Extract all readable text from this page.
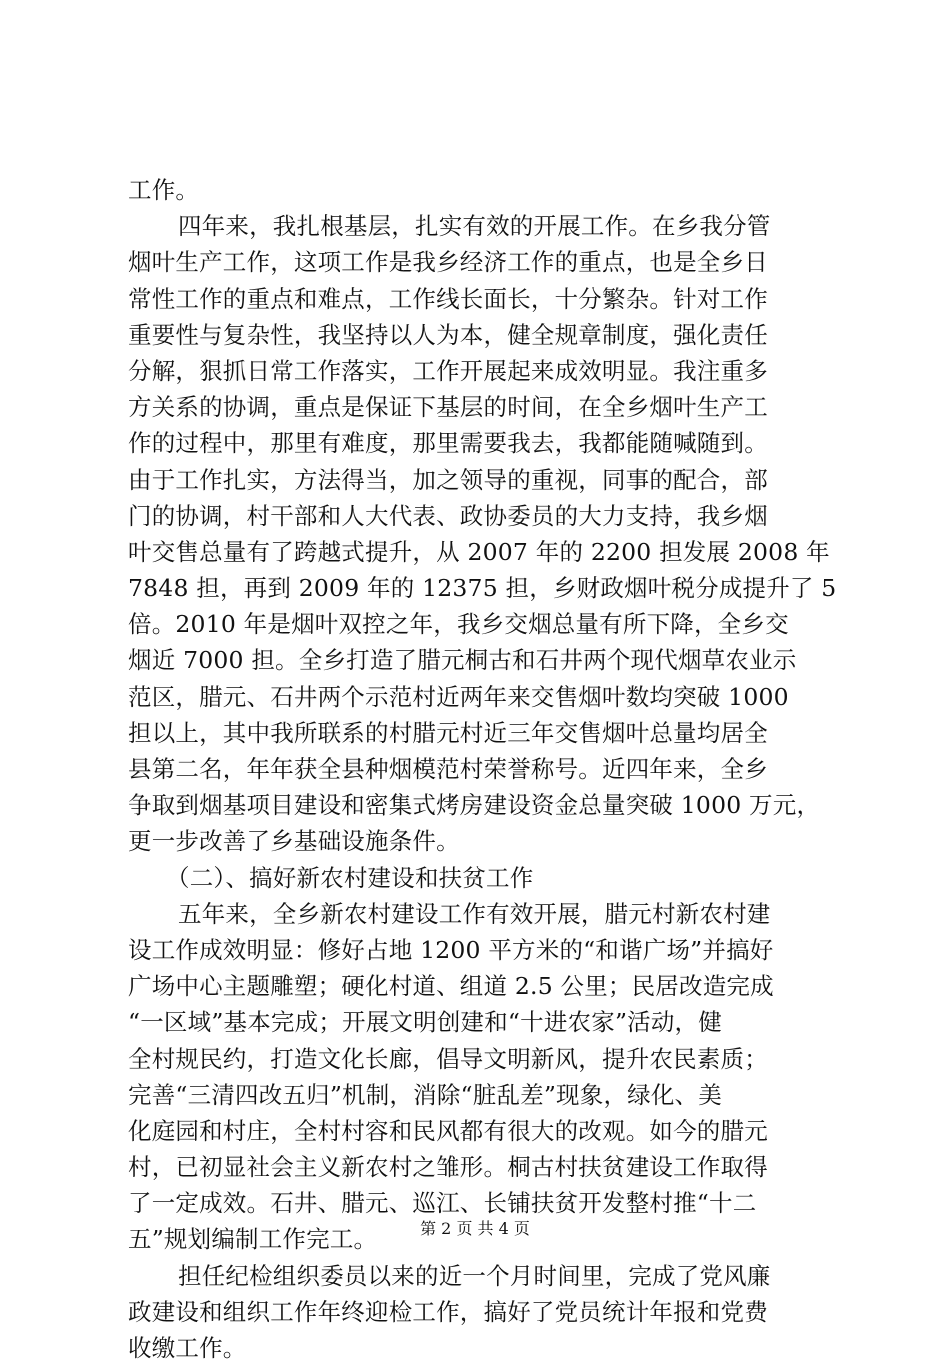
工作。
四年来，我扎根基层，扎实有效的开展工作。在乡我分管
烟叶生产工作，这项工作是我乡经济工作的重点，也是全乡日
常性工作的重点和难点，工作线长面长，十分繁杂。针对工作
重要性与复杂性，我坚持以人为本，健全规章制度，强化责任
分解，狠抓日常工作落实，工作开展起来成效明显。我注重多
方关系的协调，重点是保证下基层的时间，在全乡烟叶生产工
作的过程中，那里有难度，那里需要我去，我都能随喊随到。
由于工作扎实，方法得当，加之领导的重视，同事的配合，部
门的协调，村干部和人大代表、政协委员的大力支持，我乡烟
叶交售总量有了跨越式提升，从 2007 年的 2200 担发展 2008 年
7848 担，再到 2009 年的 12375 担，乡财政烟叶税分成提升了 5
倍。2010 年是烟叶双控之年，我乡交烟总量有所下降，全乡交
烟近 7000 担。全乡打造了腊元桐古和石井两个现代烟草农业示
范区，腊元、石井两个示范村近两年来交售烟叶数均突破 1000
担以上，其中我所联系的村腊元村近三年交售烟叶总量均居全
县第二名，年年获全县种烟模范村荣誉称号。近四年来，全乡
争取到烟基项目建设和密集式烤房建设资金总量突破 1000 万元，
更一步改善了乡基础设施条件。
（二）、搞好新农村建设和扶贫工作
五年来，全乡新农村建设工作有效开展，腊元村新农村建
设工作成效明显：修好占地 1200 平方米的“和谐广场”并搞好
广场中心主题雕塑；硬化村道、组道 2.5 公里；民居改造完成
“一区域”基本完成；开展文明创建和“十进农家”活动，健
全村规民约，打造文化长廊，倡导文明新风，提升农民素质；
完善“三清四改五归”机制，消除“脏乱差”现象，绿化、美
化庭园和村庄，全村村容和民风都有很大的改观。如今的腊元
村，已初显社会主义新农村之雏形。桐古村扶贫建设工作取得
了一定成效。石井、腊元、巡江、长铺扶贫开发整村推“十二
五”规划编制工作完工。
担任纪检组织委员以来的近一个月时间里，完成了党风廉
政建设和组织工作年终迎检工作，搞好了党员统计年报和党费
收缴工作。
第 2 页 共 4 页
